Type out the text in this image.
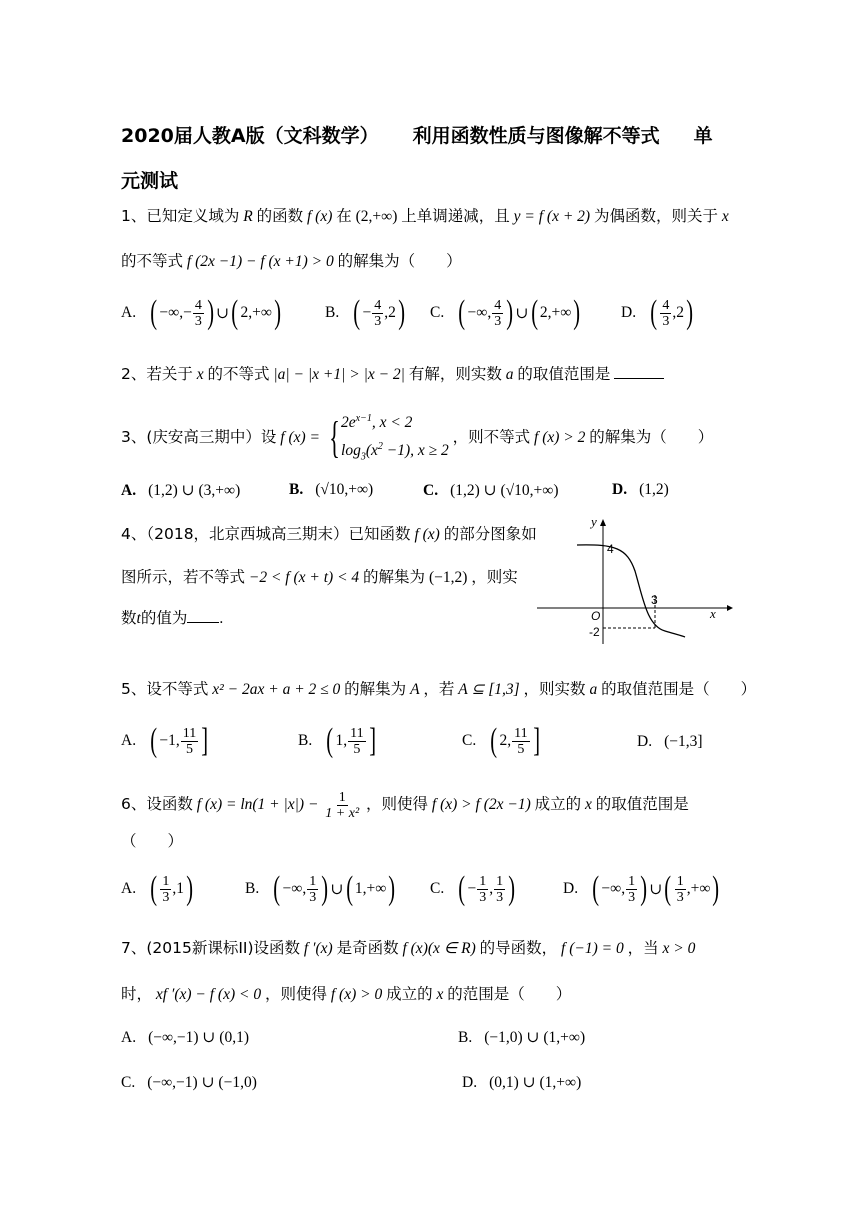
2020届人教A版（文科数学） 利用函数性质与图像解不等式 单
元测试
1、已知定义域为 R 的函数 f (x) 在 (2,+∞) 上单调递减，且 y = f (x + 2) 为偶函数，则关于 x
的不等式 f (2x −1) − f (x +1) > 0 的解集为（　　）
A. ( −∞, − $\frac{4}{3}$ ) ∪ ( 2,+∞ )	B. ( − $\frac{4}{3} ,2$ ) C. ( −∞, $\frac{4}{3}$ ) ∪ ( 2,+∞ )	D. ( $\frac{4}{3} ,2$ )
2、若关于 x 的不等式 |a| − |x +1| > |x − 2| 有解，则实数 a 的取值范围是
3、(庆安高三期中）设 f (x) = { $2e^{x-1}$, x < 2
$\log_3(x^2 -1)$, x ≥ 2
，则不等式 f (x) > 2 的解集为（　　）
A. (1,2) ∪ (3,+∞)	B. (√10,+∞)	C. (1,2) ∪ (√10,+∞)	D. (1,2)
4、（2018，北京西城高三期末）已知函数 f (x) 的部分图象如
图所示，若不等式 −2 < f (x + t) < 4 的解集为 (−1,2) ，则实
数t的值为 .
y
x
O
4
3
-2
5、设不等式 x² − 2ax + a + 2 ≤ 0 的解集为 A ，若 A ⊆ [1,3] ，则实数 a 的取值范围是（　　）
A. ( −1, $\frac{11}{5}$ ]	B. ( 1, $\frac{11}{5}$ ]	C. ( 2, $\frac{11}{5}$ ]	D. (−1,3]
6、设函数 f $(x) = \ln(1 + |x|) - \frac{1}{\text{1 + x²}}$ ，则使得 f (x) > f (2x −1) 成立的 x 的取值范围是
（　　）
A. ( $\frac{1}{3} ,1$ )	B. ( −∞, $\frac{1}{3}$ ) ∪ ( 1,+∞ ) C. ( − $\frac{1}{3}$ , $\frac{1}{3}$ )	D. ( −∞, $\frac{1}{3}$ ) ∪ ( $\frac{1}{3}$ ,+∞ )
7、(2015新课标II)设函数 f ′(x) 是奇函数 f (x)(x ∈ R) 的导函数， f (−1) = 0 ，当 x > 0
时， xf ′(x) − f (x) < 0 ，则使得 f (x) > 0 成立的 x 的范围是（　　）
A. (−∞,−1) ∪ (0,1)	B. (−1,0) ∪ (1,+∞)
C. (−∞,−1) ∪ (−1,0)	D. (0,1) ∪ (1,+∞)
